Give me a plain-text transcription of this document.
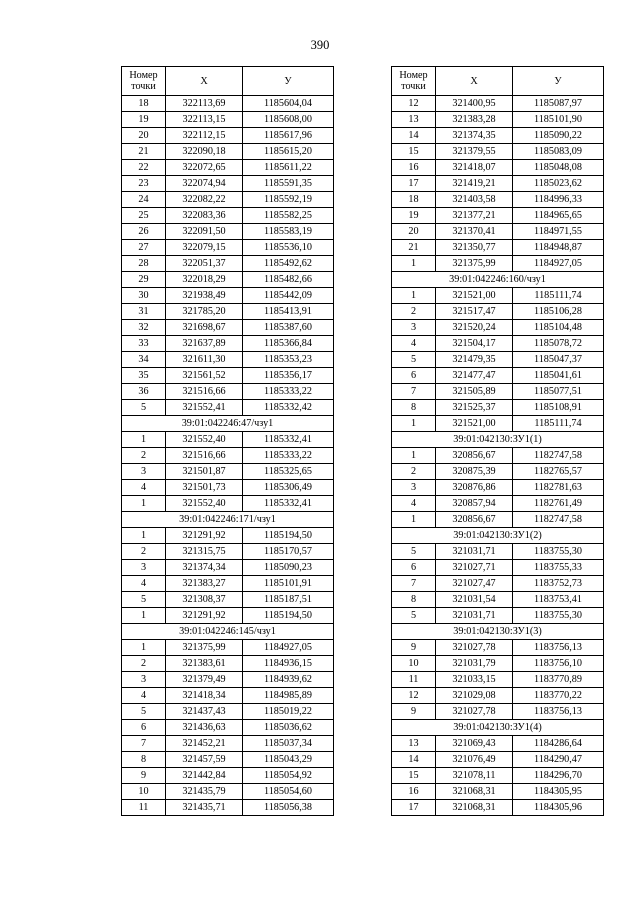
390
Номер точки	Х	У
18	322113,69	1185604,04
19	322113,15	1185608,00
20	322112,15	1185617,96
21	322090,18	1185615,20
22	322072,65	1185611,22
23	322074,94	1185591,35
24	322082,22	1185592,19
25	322083,36	1185582,25
26	322091,50	1185583,19
27	322079,15	1185536,10
28	322051,37	1185492,62
29	322018,29	1185482,66
30	321938,49	1185442,09
31	321785,20	1185413,91
32	321698,67	1185387,60
33	321637,89	1185366,84
34	321611,30	1185353,23
35	321561,52	1185356,17
36	321516,66	1185333,22
5	321552,41	1185332,42
39:01:042246:47/чзу1		
1	321552,40	1185332,41
2	321516,66	1185333,22
3	321501,87	1185325,65
4	321501,73	1185306,49
1	321552,40	1185332,41
39:01:042246:171/чзу1		
1	321291,92	1185194,50
2	321315,75	1185170,57
3	321374,34	1185090,23
4	321383,27	1185101,91
5	321308,37	1185187,51
1	321291,92	1185194,50
39:01:042246:145/чзу1		
1	321375,99	1184927,05
2	321383,61	1184936,15
3	321379,49	1184939,62
4	321418,34	1184985,89
5	321437,43	1185019,22
6	321436,63	1185036,62
7	321452,21	1185037,34
8	321457,59	1185043,29
9	321442,84	1185054,92
10	321435,79	1185054,60
11	321435,71	1185056,38
Номер точки	Х	У
12	321400,95	1185087,97
13	321383,28	1185101,90
14	321374,35	1185090,22
15	321379,55	1185083,09
16	321418,07	1185048,08
17	321419,21	1185023,62
18	321403,58	1184996,33
19	321377,21	1184965,65
20	321370,41	1184971,55
21	321350,77	1184948,87
1	321375,99	1184927,05
39:01:042246:160/чзу1		
1	321521,00	1185111,74
2	321517,47	1185106,28
3	321520,24	1185104,48
4	321504,17	1185078,72
5	321479,35	1185047,37
6	321477,47	1185041,61
7	321505,89	1185077,51
8	321525,37	1185108,91
1	321521,00	1185111,74
39:01:042130:ЗУ1(1)		
1	320856,67	1182747,58
2	320875,39	1182765,57
3	320876,86	1182781,63
4	320857,94	1182761,49
1	320856,67	1182747,58
39:01:042130:ЗУ1(2)		
5	321031,71	1183755,30
6	321027,71	1183755,33
7	321027,47	1183752,73
8	321031,54	1183753,41
5	321031,71	1183755,30
39:01:042130:ЗУ1(3)		
9	321027,78	1183756,13
10	321031,79	1183756,10
11	321033,15	1183770,89
12	321029,08	1183770,22
9	321027,78	1183756,13
39:01:042130:ЗУ1(4)		
13	321069,43	1184286,64
14	321076,49	1184290,47
15	321078,11	1184296,70
16	321068,31	1184305,95
17	321068,31	1184305,96
